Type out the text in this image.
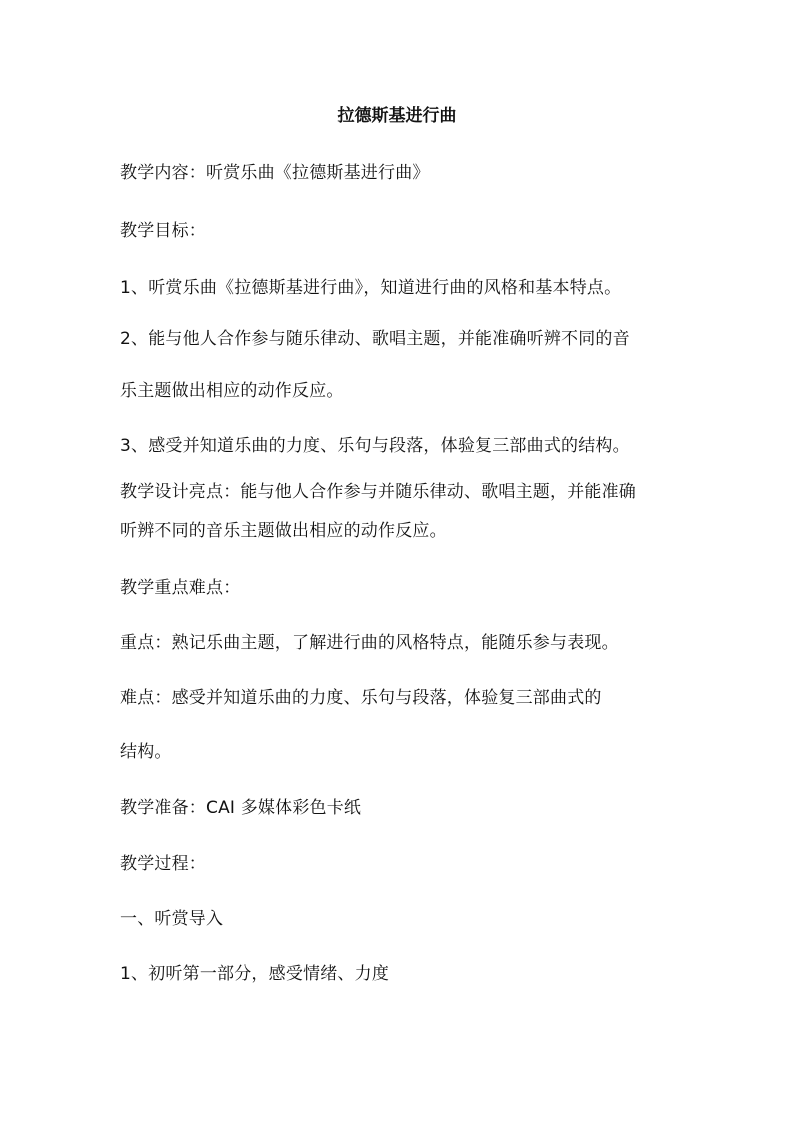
拉德斯基进行曲
教学内容：听赏乐曲《拉德斯基进行曲》
教学目标：
1、听赏乐曲《拉德斯基进行曲》，知道进行曲的风格和基本特点。
2、能与他人合作参与随乐律动、歌唱主题，并能准确听辨不同的音
乐主题做出相应的动作反应。
3、感受并知道乐曲的力度、乐句与段落，体验复三部曲式的结构。
教学设计亮点：能与他人合作参与并随乐律动、歌唱主题，并能准确
听辨不同的音乐主题做出相应的动作反应。
教学重点难点：
重点：熟记乐曲主题，了解进行曲的风格特点，能随乐参与表现。
难点：感受并知道乐曲的力度、乐句与段落，体验复三部曲式的
结构。
教学准备：CAI 多媒体彩色卡纸
教学过程：
一、听赏导入
1、初听第一部分，感受情绪、力度
